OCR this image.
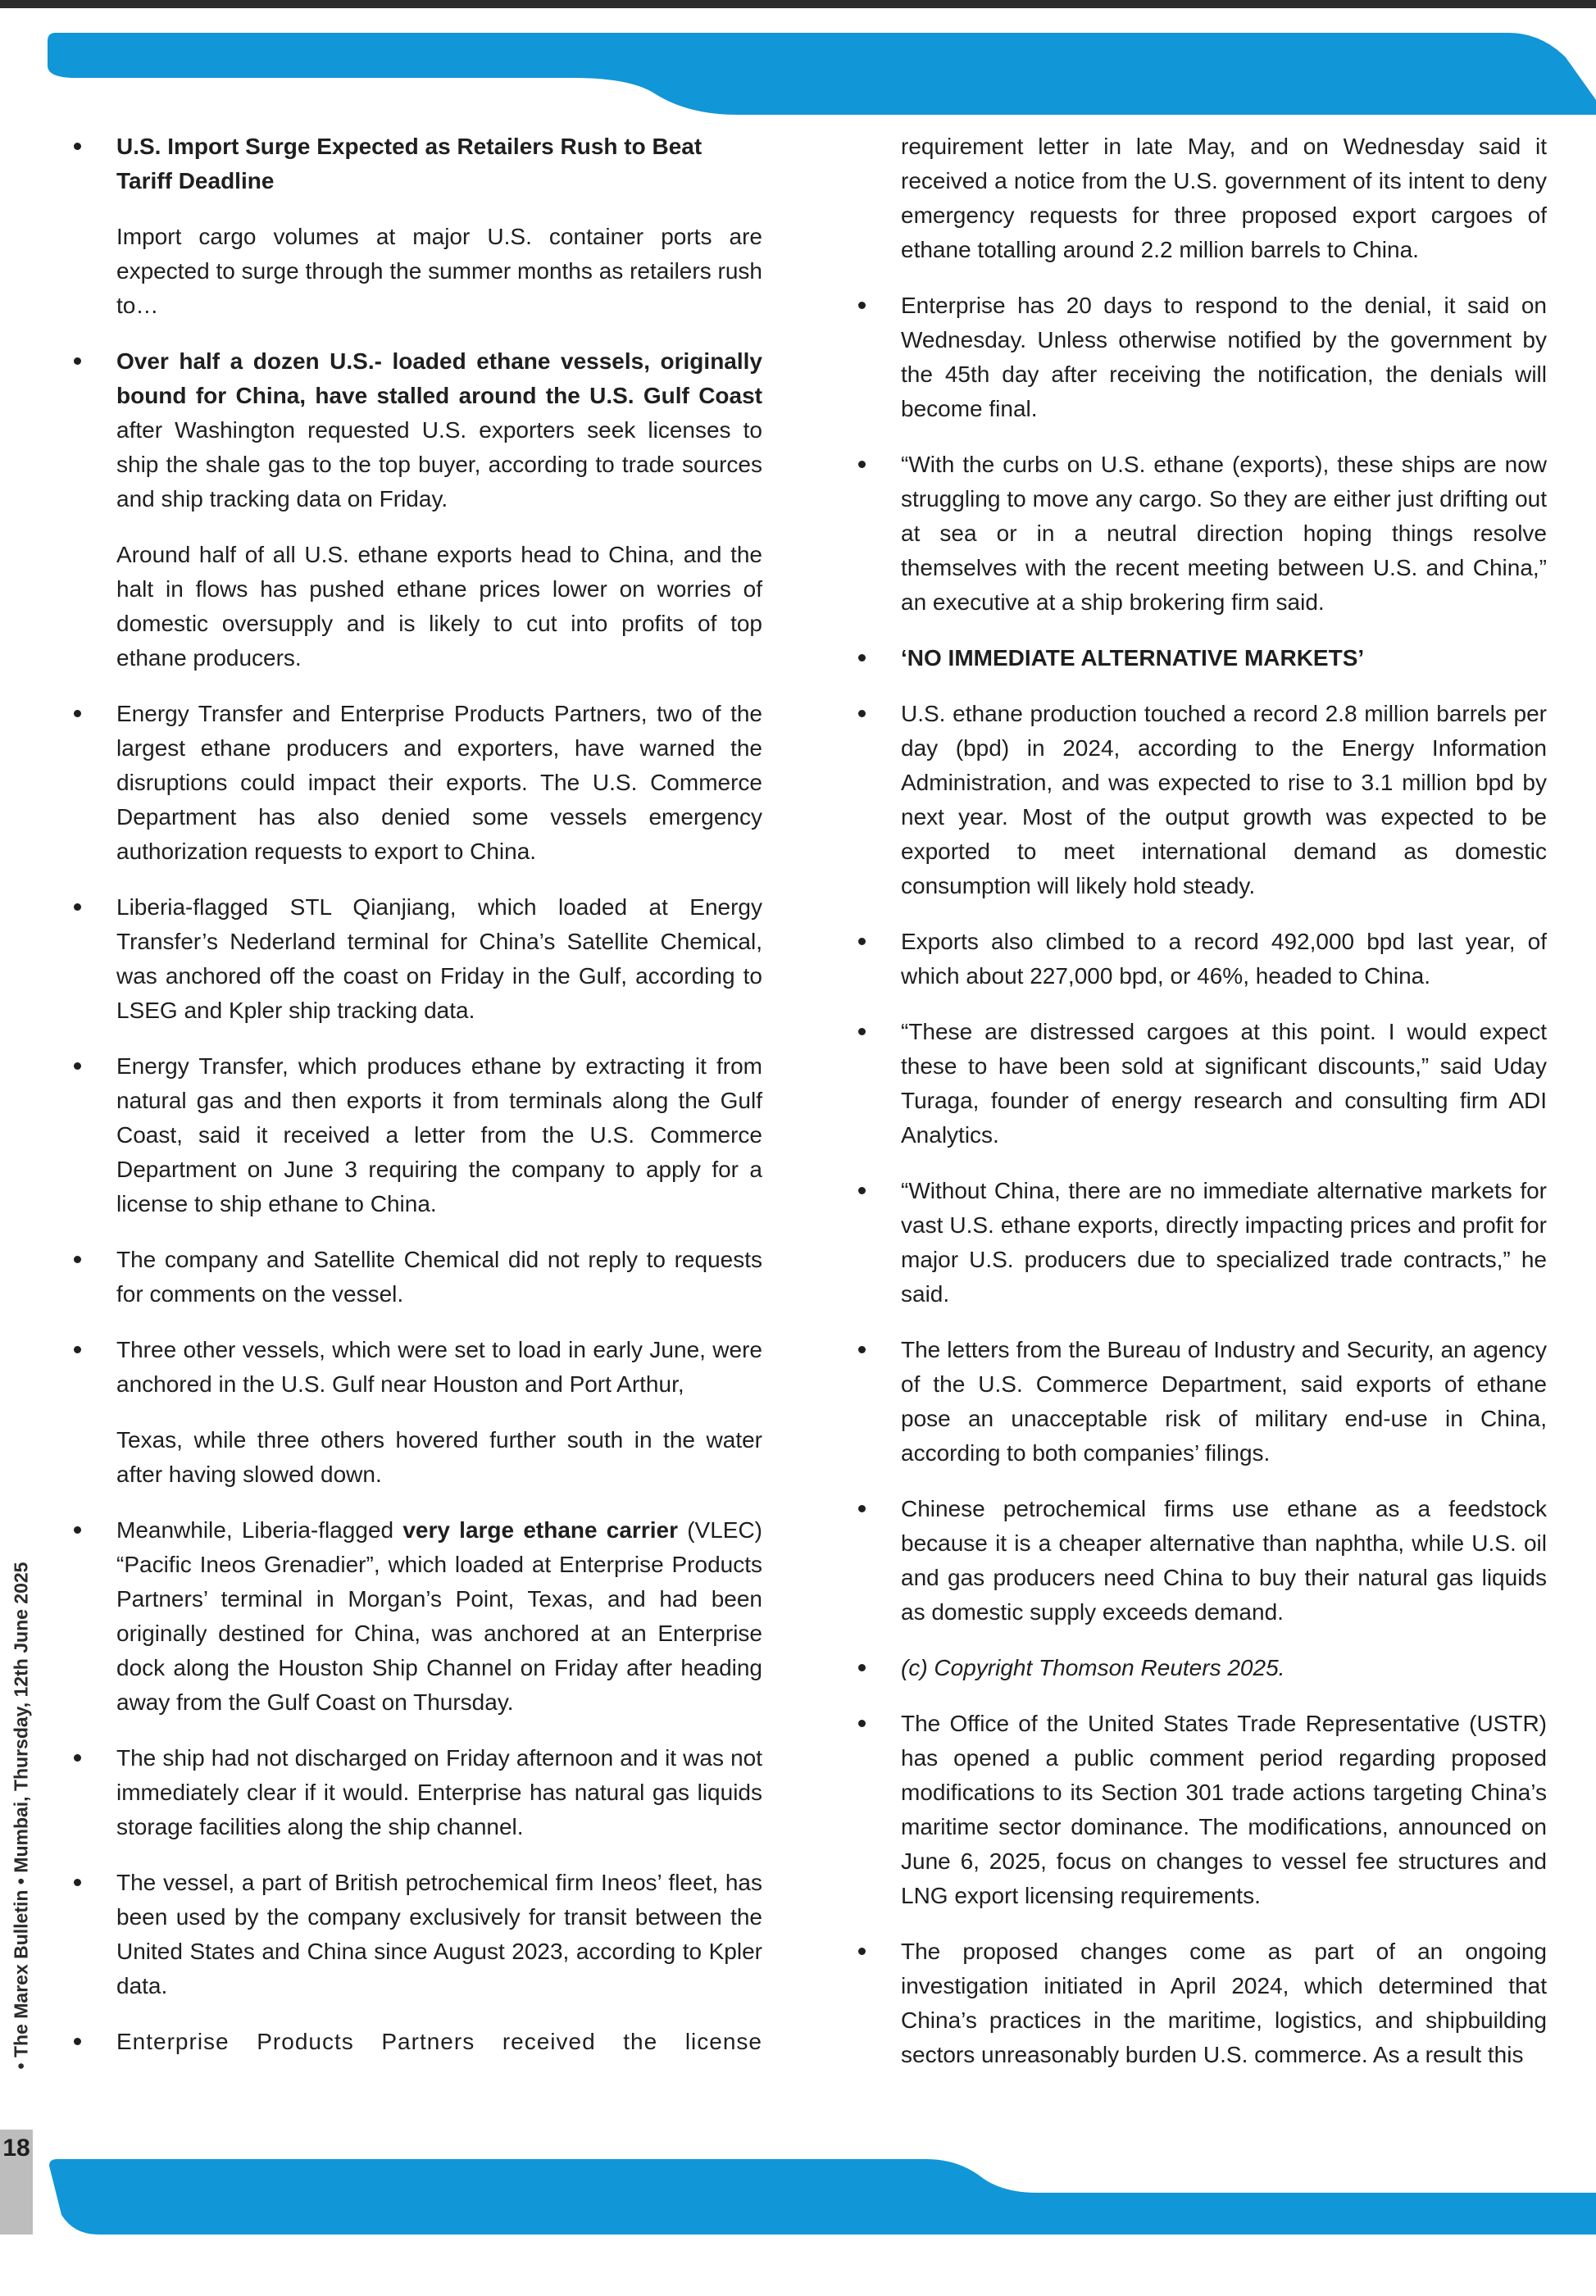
U.S. Import Surge Expected as Retailers Rush to Beat Tariff Deadline

Import cargo volumes at major U.S. container ports are expected to surge through the summer months as retailers rush to…

Over half a dozen U.S.- loaded ethane vessels, originally bound for China, have stalled around the U.S. Gulf Coast after Washington requested U.S. exporters seek licenses to ship the shale gas to the top buyer, according to trade sources and ship tracking data on Friday.

Around half of all U.S. ethane exports head to China, and the halt in flows has pushed ethane prices lower on worries of domestic oversupply and is likely to cut into profits of top ethane producers.

Energy Transfer and Enterprise Products Partners, two of the largest ethane producers and exporters, have warned the disruptions could impact their exports. The U.S. Commerce Department has also denied some vessels emergency authorization requests to export to China.

Liberia-flagged STL Qianjiang, which loaded at Energy Transfer’s Nederland terminal for China’s Satellite Chemical, was anchored off the coast on Friday in the Gulf, according to LSEG and Kpler ship tracking data.

Energy Transfer, which produces ethane by extracting it from natural gas and then exports it from terminals along the Gulf Coast, said it received a letter from the U.S. Commerce Department on June 3 requiring the company to apply for a license to ship ethane to China.

The company and Satellite Chemical did not reply to requests for comments on the vessel.

Three other vessels, which were set to load in early June, were anchored in the U.S. Gulf near Houston and Port Arthur,

Texas, while three others hovered further south in the water after having slowed down.

Meanwhile, Liberia-flagged very large ethane carrier (VLEC) “Pacific Ineos Grenadier”, which loaded at Enterprise Products Partners’ terminal in Morgan’s Point, Texas, and had been originally destined for China, was anchored at an Enterprise dock along the Houston Ship Channel on Friday after heading away from the Gulf Coast on Thursday.

The ship had not discharged on Friday afternoon and it was not immediately clear if it would. Enterprise has natural gas liquids storage facilities along the ship channel.

The vessel, a part of British petrochemical firm Ineos’ fleet, has been used by the company exclusively for transit between the United States and China since August 2023, according to Kpler data.

Enterprise Products Partners received the license

requirement letter in late May, and on Wednesday said it received a notice from the U.S. government of its intent to deny emergency requests for three proposed export cargoes of ethane totalling around 2.2 million barrels to China.

Enterprise has 20 days to respond to the denial, it said on Wednesday. Unless otherwise notified by the government by the 45th day after receiving the notification, the denials will become final.

“With the curbs on U.S. ethane (exports), these ships are now struggling to move any cargo. So they are either just drifting out at sea or in a neutral direction hoping things resolve themselves with the recent meeting between U.S. and China,” an executive at a ship brokering firm said.

‘NO IMMEDIATE ALTERNATIVE MARKETS’

U.S. ethane production touched a record 2.8 million barrels per day (bpd) in 2024, according to the Energy Information Administration, and was expected to rise to 3.1 million bpd by next year. Most of the output growth was expected to be exported to meet international demand as domestic consumption will likely hold steady.

Exports also climbed to a record 492,000 bpd last year, of which about 227,000 bpd, or 46%, headed to China.

“These are distressed cargoes at this point. I would expect these to have been sold at significant discounts,” said Uday Turaga, founder of energy research and consulting firm ADI Analytics.

“Without China, there are no immediate alternative markets for vast U.S. ethane exports, directly impacting prices and profit for major U.S. producers due to specialized trade contracts,” he said.

The letters from the Bureau of Industry and Security, an agency of the U.S. Commerce Department, said exports of ethane pose an unacceptable risk of military end-use in China, according to both companies’ filings.

Chinese petrochemical firms use ethane as a feedstock because it is a cheaper alternative than naphtha, while U.S. oil and gas producers need China to buy their natural gas liquids as domestic supply exceeds demand.

(c) Copyright Thomson Reuters 2025.

The Office of the United States Trade Representative (USTR) has opened a public comment period regarding proposed modifications to its Section 301 trade actions targeting China’s maritime sector dominance. The modifications, announced on June 6, 2025, focus on changes to vessel fee structures and LNG export licensing requirements.

The proposed changes come as part of an ongoing investigation initiated in April 2024, which determined that China’s practices in the maritime, logistics, and shipbuilding sectors unreasonably burden U.S. commerce. As a result this

• The Marex Bulletin • Mumbai, Thursday, 12th June 2025
18
